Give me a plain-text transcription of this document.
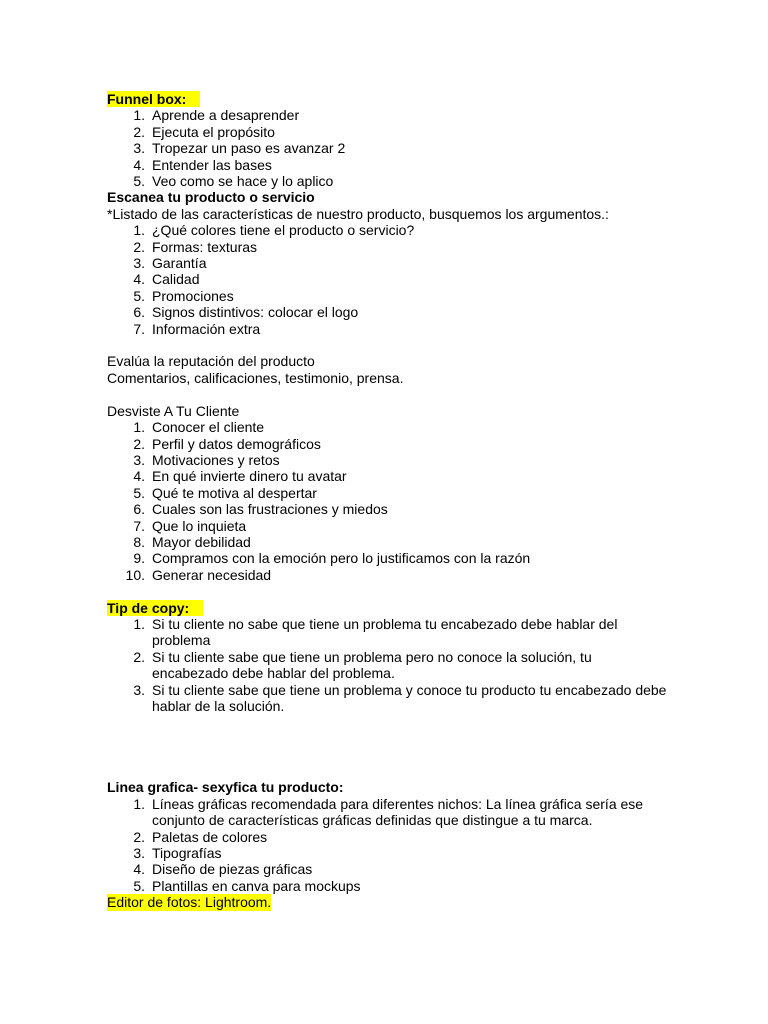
Funnel box:
1. Aprende a desaprender
2. Ejecuta el propósito
3. Tropezar un paso es avanzar 2
4. Entender las bases
5. Veo como se hace y lo aplico
Escanea tu producto o servicio
*Listado de las características de nuestro producto, busquemos los argumentos.:
1. ¿Qué colores tiene el producto o servicio?
2. Formas: texturas
3. Garantía
4. Calidad
5. Promociones
6. Signos distintivos: colocar el logo
7. Información extra
Evalúa la reputación del producto
Comentarios, calificaciones, testimonio, prensa.
Desviste A Tu Cliente
1. Conocer el cliente
2. Perfil y datos demográficos
3. Motivaciones y retos
4. En qué invierte dinero tu avatar
5. Qué te motiva al despertar
6. Cuales son las frustraciones y miedos
7. Que lo inquieta
8. Mayor debilidad
9. Compramos con la emoción pero lo justificamos con la razón
10. Generar necesidad
Tip de copy:
1. Si tu cliente no sabe que tiene un problema tu encabezado debe hablar del problema
2. Si tu cliente sabe que tiene un problema pero no conoce la solución, tu encabezado debe hablar del problema.
3. Si tu cliente sabe que tiene un problema y conoce tu producto tu encabezado debe hablar de la solución.
Linea grafica- sexyfica tu producto:
1. Líneas gráficas recomendada para diferentes nichos: La línea gráfica sería ese conjunto de características gráficas definidas que distingue a tu marca.
2. Paletas de colores
3. Tipografías
4. Diseño de piezas gráficas
5. Plantillas en canva para mockups
Editor de fotos: Lightroom.
